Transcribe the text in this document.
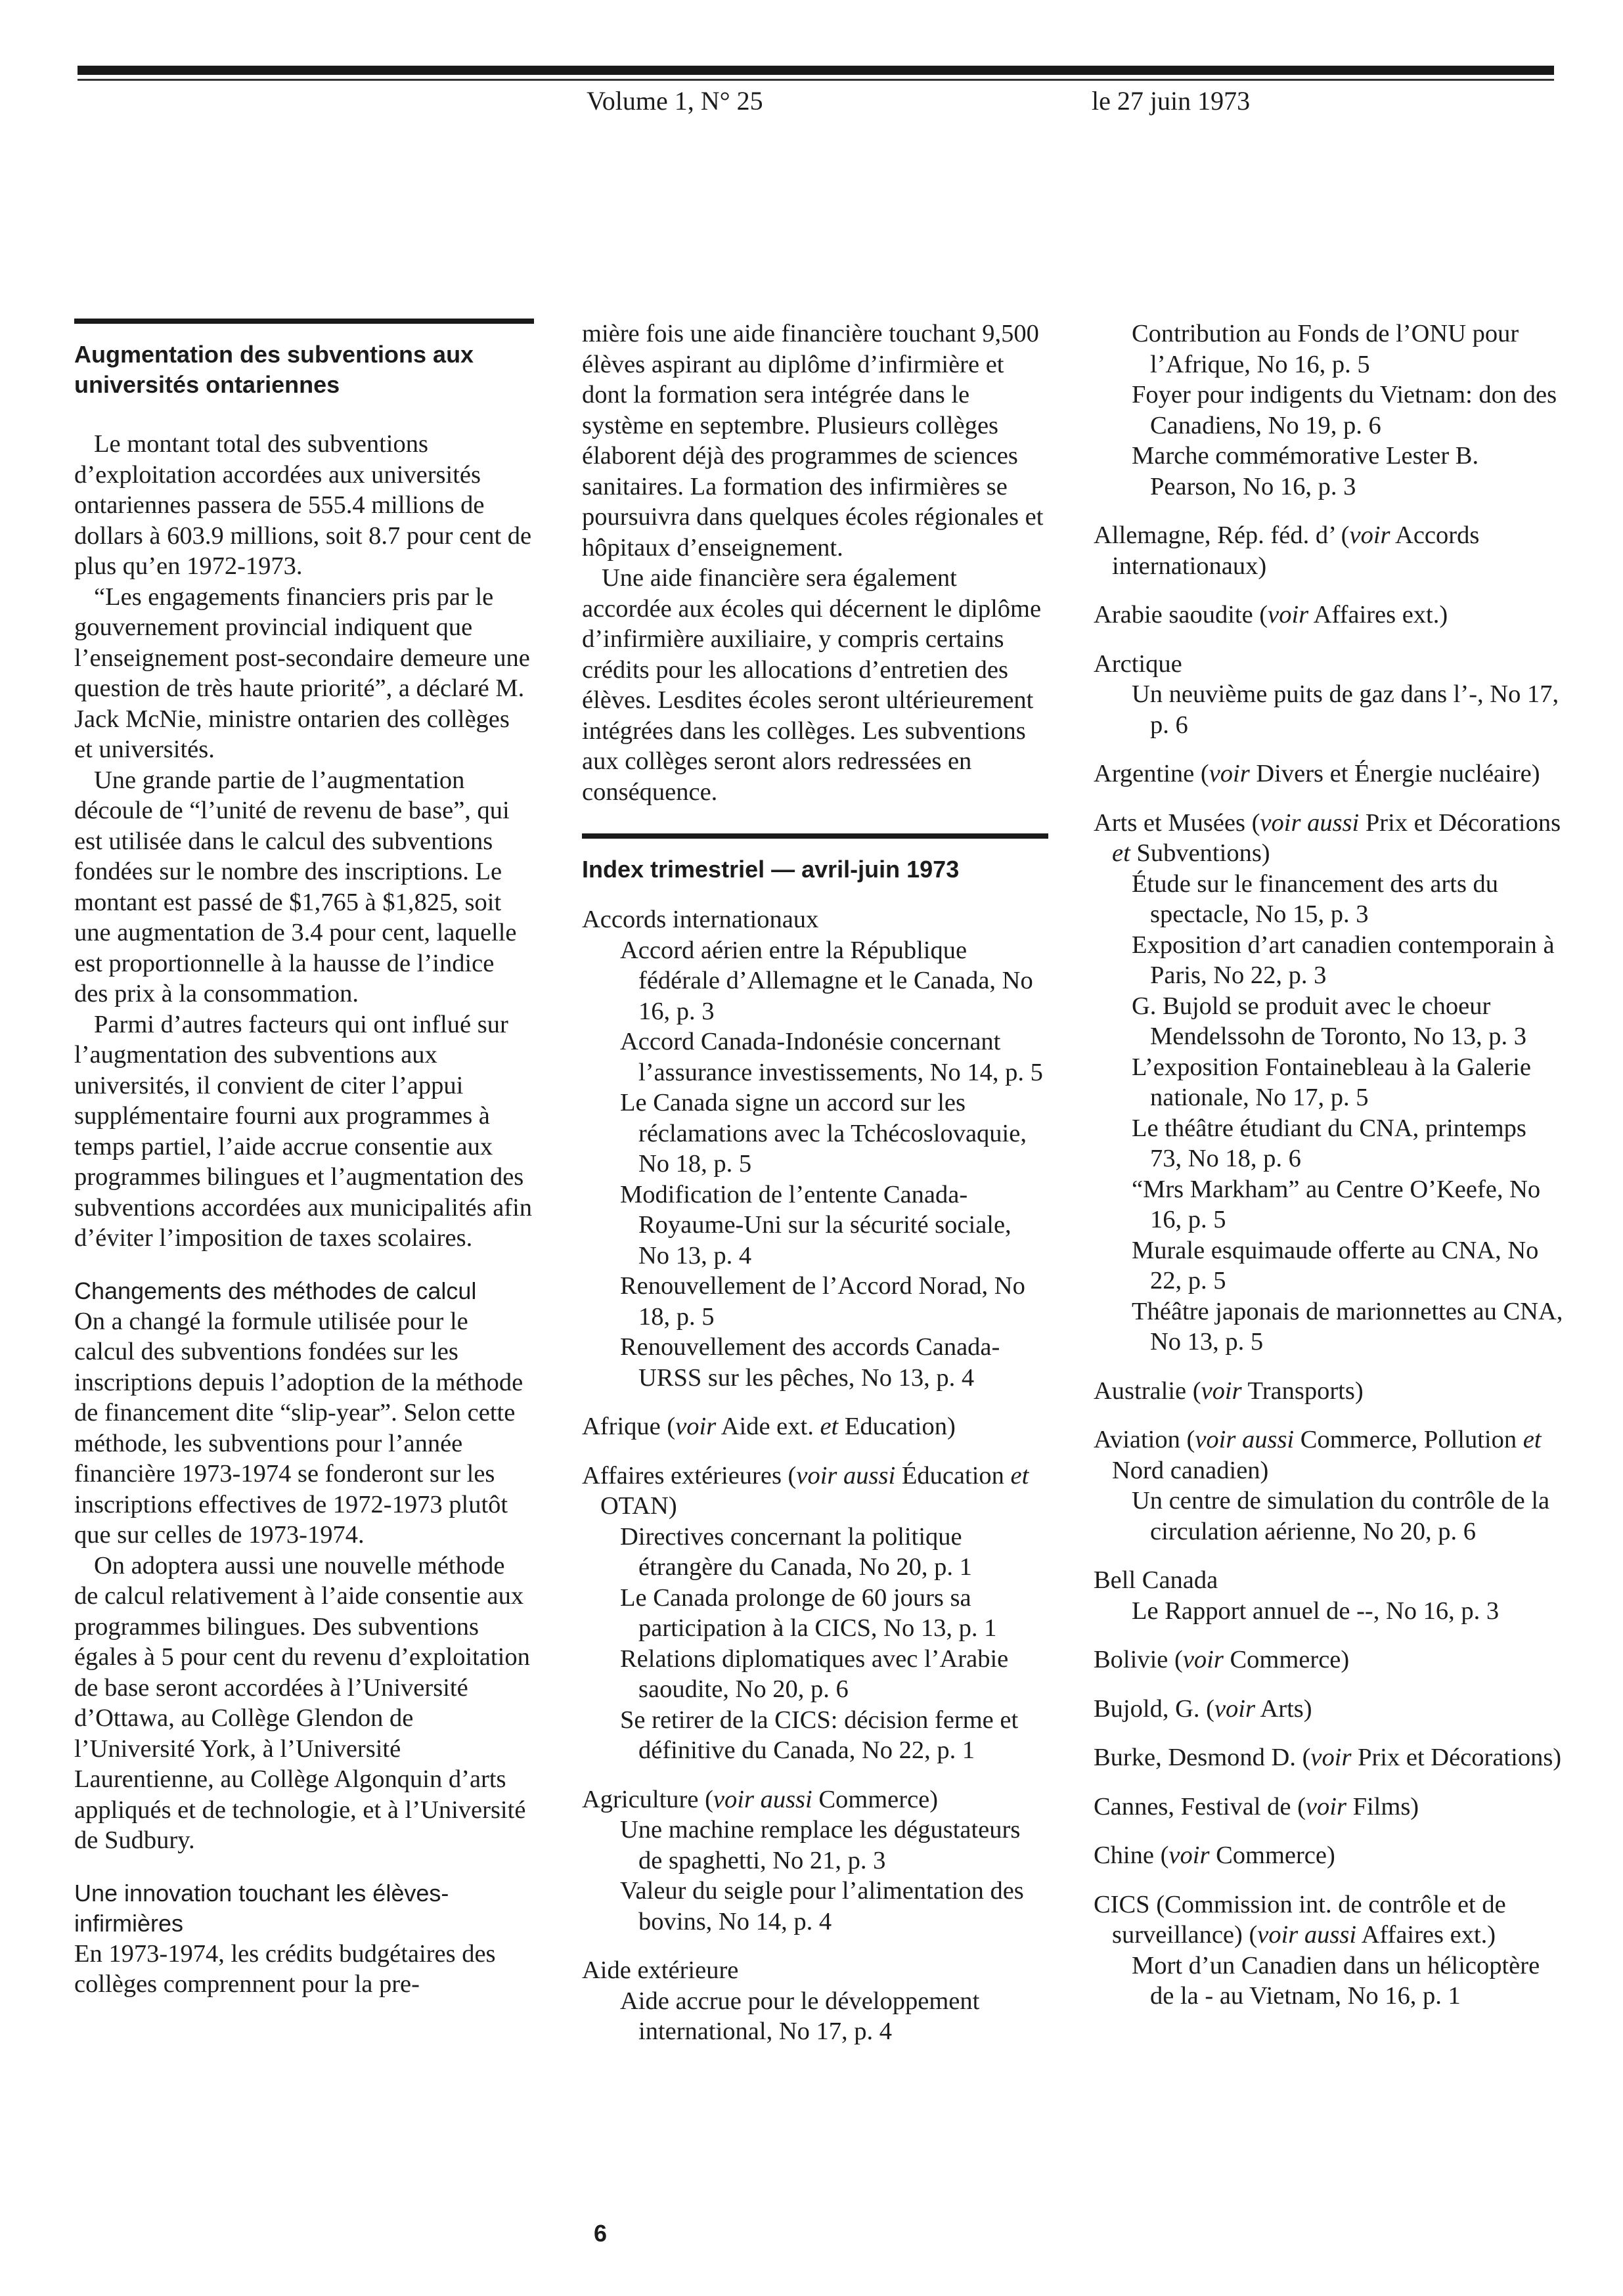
Volume 1, N° 25	le 27 juin 1973
Augmentation des subventions aux universités ontariennes

Le montant total des subventions d’exploitation accordées aux universités ontariennes passera de 555.4 millions de dollars à 603.9 millions, soit 8.7 pour cent de plus qu’en 1972-1973.

“Les engagements financiers pris par le gouvernement provincial indiquent que l’enseignement post-secondaire demeure une question de très haute priorité”, a déclaré M. Jack McNie, ministre ontarien des collèges et universités.

Une grande partie de l’augmentation découle de “l’unité de revenu de base”, qui est utilisée dans le calcul des subventions fondées sur le nombre des inscriptions. Le montant est passé de $1,765 à $1,825, soit une augmentation de 3.4 pour cent, laquelle est proportionnelle à la hausse de l’indice des prix à la consommation.

Parmi d’autres facteurs qui ont influé sur l’augmentation des subventions aux universités, il convient de citer l’appui supplémentaire fourni aux programmes à temps partiel, l’aide accrue consentie aux programmes bilingues et l’augmentation des subventions accordées aux municipalités afin d’éviter l’imposition de taxes scolaires.

Changements des méthodes de calcul

On a changé la formule utilisée pour le calcul des subventions fondées sur les inscriptions depuis l’adoption de la méthode de financement dite “slip-year”. Selon cette méthode, les subventions pour l’année financière 1973-1974 se fonderont sur les inscriptions effectives de 1972-1973 plutôt que sur celles de 1973-1974.

On adoptera aussi une nouvelle méthode de calcul relativement à l’aide consentie aux programmes bilingues. Des subventions égales à 5 pour cent du revenu d’exploitation de base seront accordées à l’Université d’Ottawa, au Collège Glendon de l’Université York, à l’Université Laurentienne, au Collège Algonquin d’arts appliqués et de technologie, et à l’Université de Sudbury.

Une innovation touchant les élèves-infirmières

En 1973-1974, les crédits budgétaires des collèges comprennent pour la pre-

mière fois une aide financière touchant 9,500 élèves aspirant au diplôme d’infirmière et dont la formation sera intégrée dans le système en septembre. Plusieurs collèges élaborent déjà des programmes de sciences sanitaires. La formation des infirmières se poursuivra dans quelques écoles régionales et hôpitaux d’enseignement.

Une aide financière sera également accordée aux écoles qui décernent le diplôme d’infirmière auxiliaire, y compris certains crédits pour les allocations d’entretien des élèves. Lesdites écoles seront ultérieurement intégrées dans les collèges. Les subventions aux collèges seront alors redressées en conséquence.

Index trimestriel — avril-juin 1973
Accords internationaux
Accord aérien entre la République fédérale d’Allemagne et le Canada, No 16, p. 3
Accord Canada-Indonésie concernant l’assurance investissements, No 14, p. 5
Le Canada signe un accord sur les réclamations avec la Tchécoslovaquie, No 18, p. 5
Modification de l’entente Canada-Royaume-Uni sur la sécurité sociale, No 13, p. 4
Renouvellement de l’Accord Norad, No 18, p. 5
Renouvellement des accords Canada-URSS sur les pêches, No 13, p. 4
Afrique (voir Aide ext. et Education)
Affaires extérieures (voir aussi Éducation et OTAN)
Directives concernant la politique étrangère du Canada, No 20, p. 1
Le Canada prolonge de 60 jours sa participation à la CICS, No 13, p. 1
Relations diplomatiques avec l’Arabie saoudite, No 20, p. 6
Se retirer de la CICS: décision ferme et définitive du Canada, No 22, p. 1
Agriculture (voir aussi Commerce)
Une machine remplace les dégustateurs de spaghetti, No 21, p. 3
Valeur du seigle pour l’alimentation des bovins, No 14, p. 4
Aide extérieure
Aide accrue pour le développement international, No 17, p. 4
Contribution au Fonds de l’ONU pour l’Afrique, No 16, p. 5
Foyer pour indigents du Vietnam: don des Canadiens, No 19, p. 6
Marche commémorative Lester B. Pearson, No 16, p. 3
Allemagne, Rép. féd. d’ (voir Accords internationaux)
Arabie saoudite (voir Affaires ext.)
Arctique
Un neuvième puits de gaz dans l’-, No 17, p. 6
Argentine (voir Divers et Énergie nucléaire)
Arts et Musées (voir aussi Prix et Décorations et Subventions)
Étude sur le financement des arts du spectacle, No 15, p. 3
Exposition d’art canadien contemporain à Paris, No 22, p. 3
G. Bujold se produit avec le choeur Mendelssohn de Toronto, No 13, p. 3
L’exposition Fontainebleau à la Galerie nationale, No 17, p. 5
Le théâtre étudiant du CNA, printemps 73, No 18, p. 6
“Mrs Markham” au Centre O’Keefe, No 16, p. 5
Murale esquimaude offerte au CNA, No 22, p. 5
Théâtre japonais de marionnettes au CNA, No 13, p. 5
Australie (voir Transports)
Aviation (voir aussi Commerce, Pollution et Nord canadien)
Un centre de simulation du contrôle de la circulation aérienne, No 20, p. 6
Bell Canada
Le Rapport annuel de --, No 16, p. 3
Bolivie (voir Commerce)
Bujold, G. (voir Arts)
Burke, Desmond D. (voir Prix et Décorations)
Cannes, Festival de (voir Films)
Chine (voir Commerce)
CICS (Commission int. de contrôle et de surveillance) (voir aussi Affaires ext.)
Mort d’un Canadien dans un hélicoptère de la - au Vietnam, No 16, p. 1
6
